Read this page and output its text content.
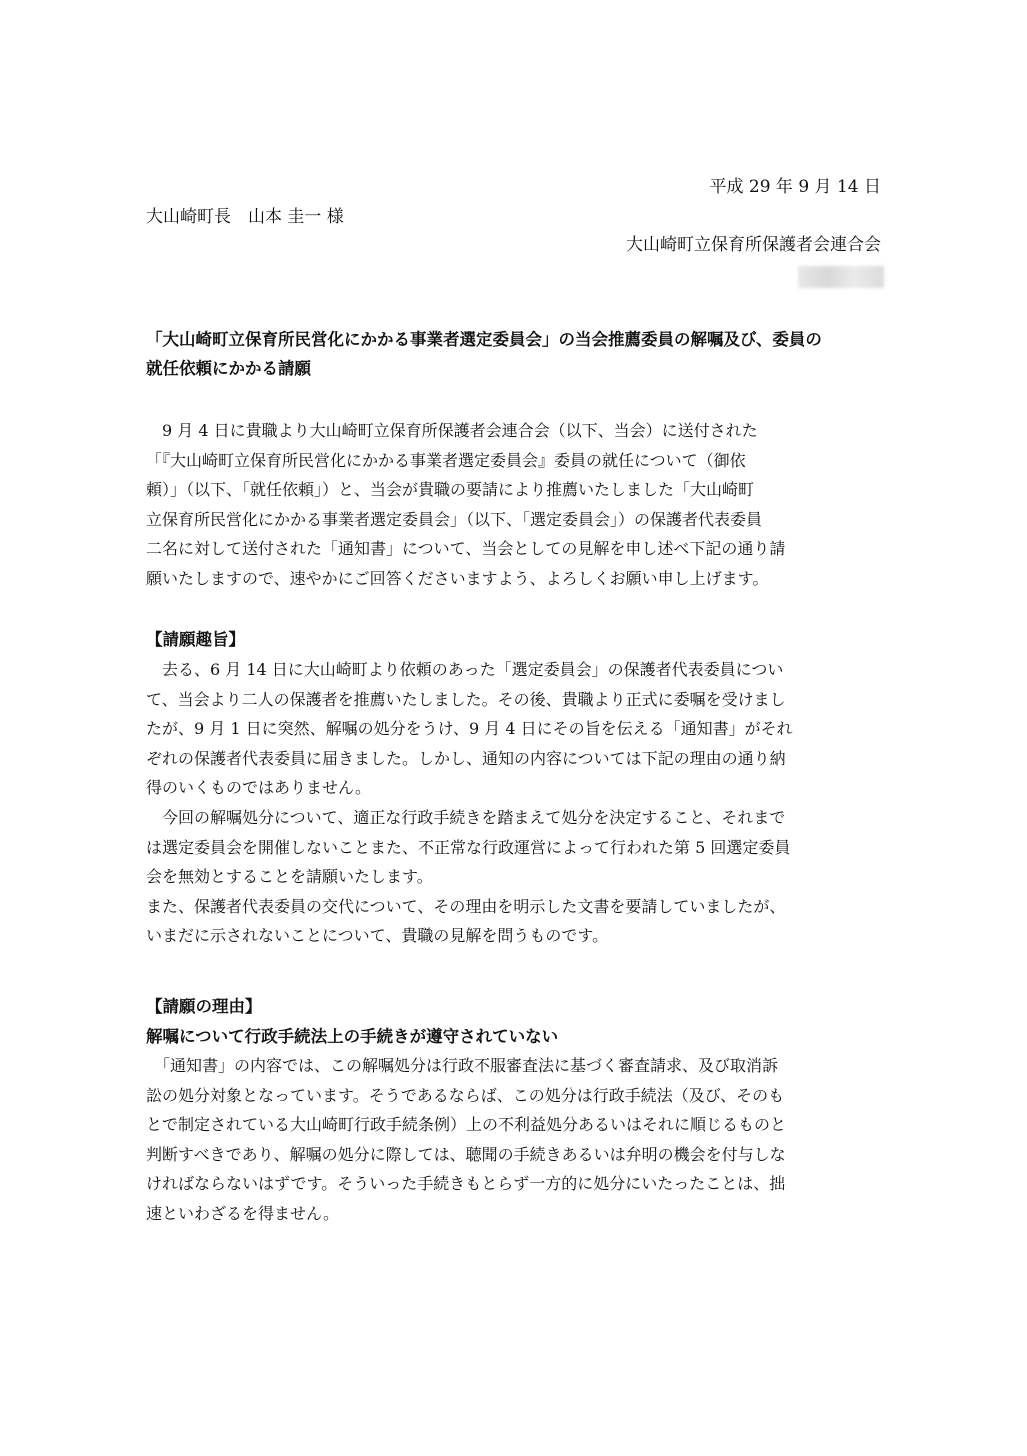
平成 29 年 9 月 14 日
大山崎町長　山本 圭一 様
大山崎町立保育所保護者会連合会
「大山崎町立保育所民営化にかかる事業者選定委員会」の当会推薦委員の解嘱及び、委員の
就任依頼にかかる請願
　9 月 4 日に貴職より大山崎町立保育所保護者会連合会（以下、当会）に送付された
「『大山崎町立保育所民営化にかかる事業者選定委員会』委員の就任について（御依
頼）」（以下、「就任依頼」）と、当会が貴職の要請により推薦いたしました「大山崎町
立保育所民営化にかかる事業者選定委員会」（以下、「選定委員会」）の保護者代表委員
二名に対して送付された「通知書」について、当会としての見解を申し述べ下記の通り請
願いたしますので、速やかにご回答くださいますよう、よろしくお願い申し上げます。
【請願趣旨】
　去る、6 月 14 日に大山崎町より依頼のあった「選定委員会」の保護者代表委員につい
て、当会より二人の保護者を推薦いたしました。その後、貴職より正式に委嘱を受けまし
たが、9 月 1 日に突然、解嘱の処分をうけ、9 月 4 日にその旨を伝える「通知書」がそれ
ぞれの保護者代表委員に届きました。しかし、通知の内容については下記の理由の通り納
得のいくものではありません。
　今回の解嘱処分について、適正な行政手続きを踏まえて処分を決定すること、それまで
は選定委員会を開催しないことまた、不正常な行政運営によって行われた第 5 回選定委員
会を無効とすることを請願いたします。
また、保護者代表委員の交代について、その理由を明示した文書を要請していましたが、
いまだに示されないことについて、貴職の見解を問うものです。
【請願の理由】
解嘱について行政手続法上の手続きが遵守されていない
　「通知書」の内容では、この解嘱処分は行政不服審査法に基づく審査請求、及び取消訴
訟の処分対象となっています。そうであるならば、この処分は行政手続法（及び、そのも
とで制定されている大山崎町行政手続条例）上の不利益処分あるいはそれに順じるものと
判断すべきであり、解嘱の処分に際しては、聴聞の手続きあるいは弁明の機会を付与しな
ければならないはずです。そういった手続きもとらず一方的に処分にいたったことは、拙
速といわざるを得ません。
